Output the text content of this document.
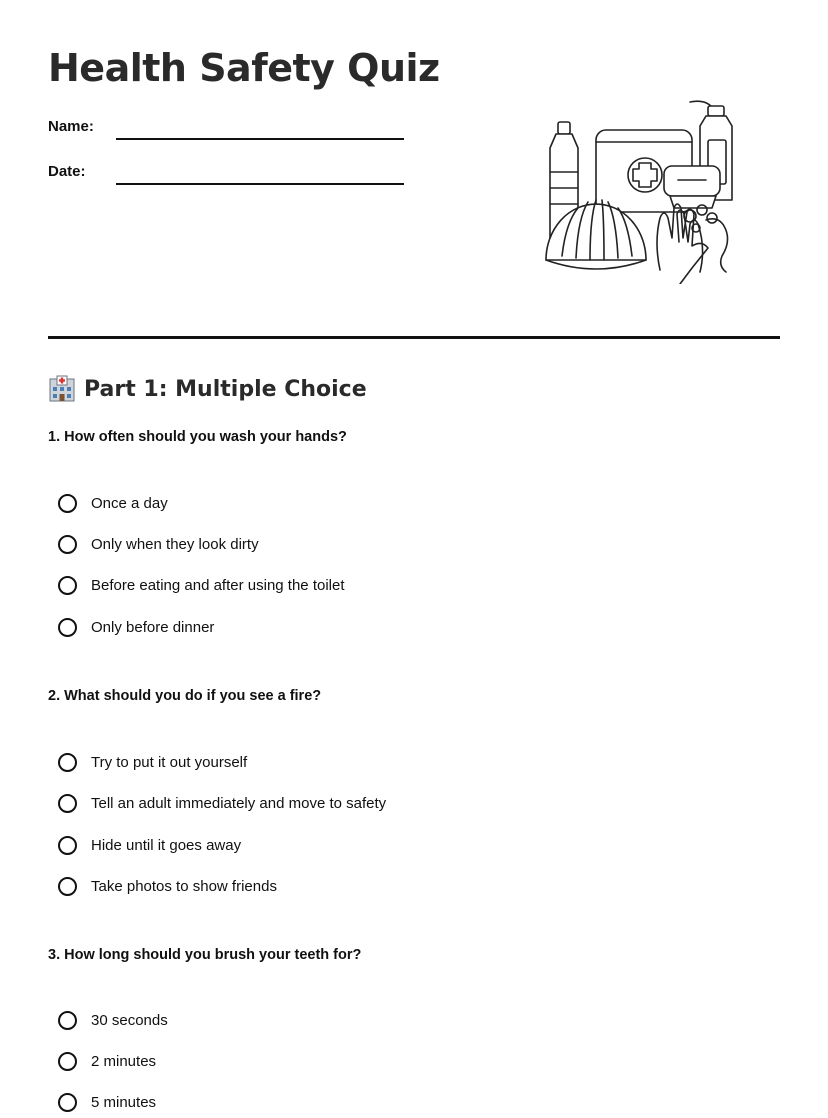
Health Safety Quiz
Name:
Date:
Part 1: Multiple Choice
1. How often should you wash your hands?
Once a day
Only when they look dirty
Before eating and after using the toilet
Only before dinner
2. What should you do if you see a fire?
Try to put it out yourself
Tell an adult immediately and move to safety
Hide until it goes away
Take photos to show friends
3. How long should you brush your teeth for?
30 seconds
2 minutes
5 minutes
